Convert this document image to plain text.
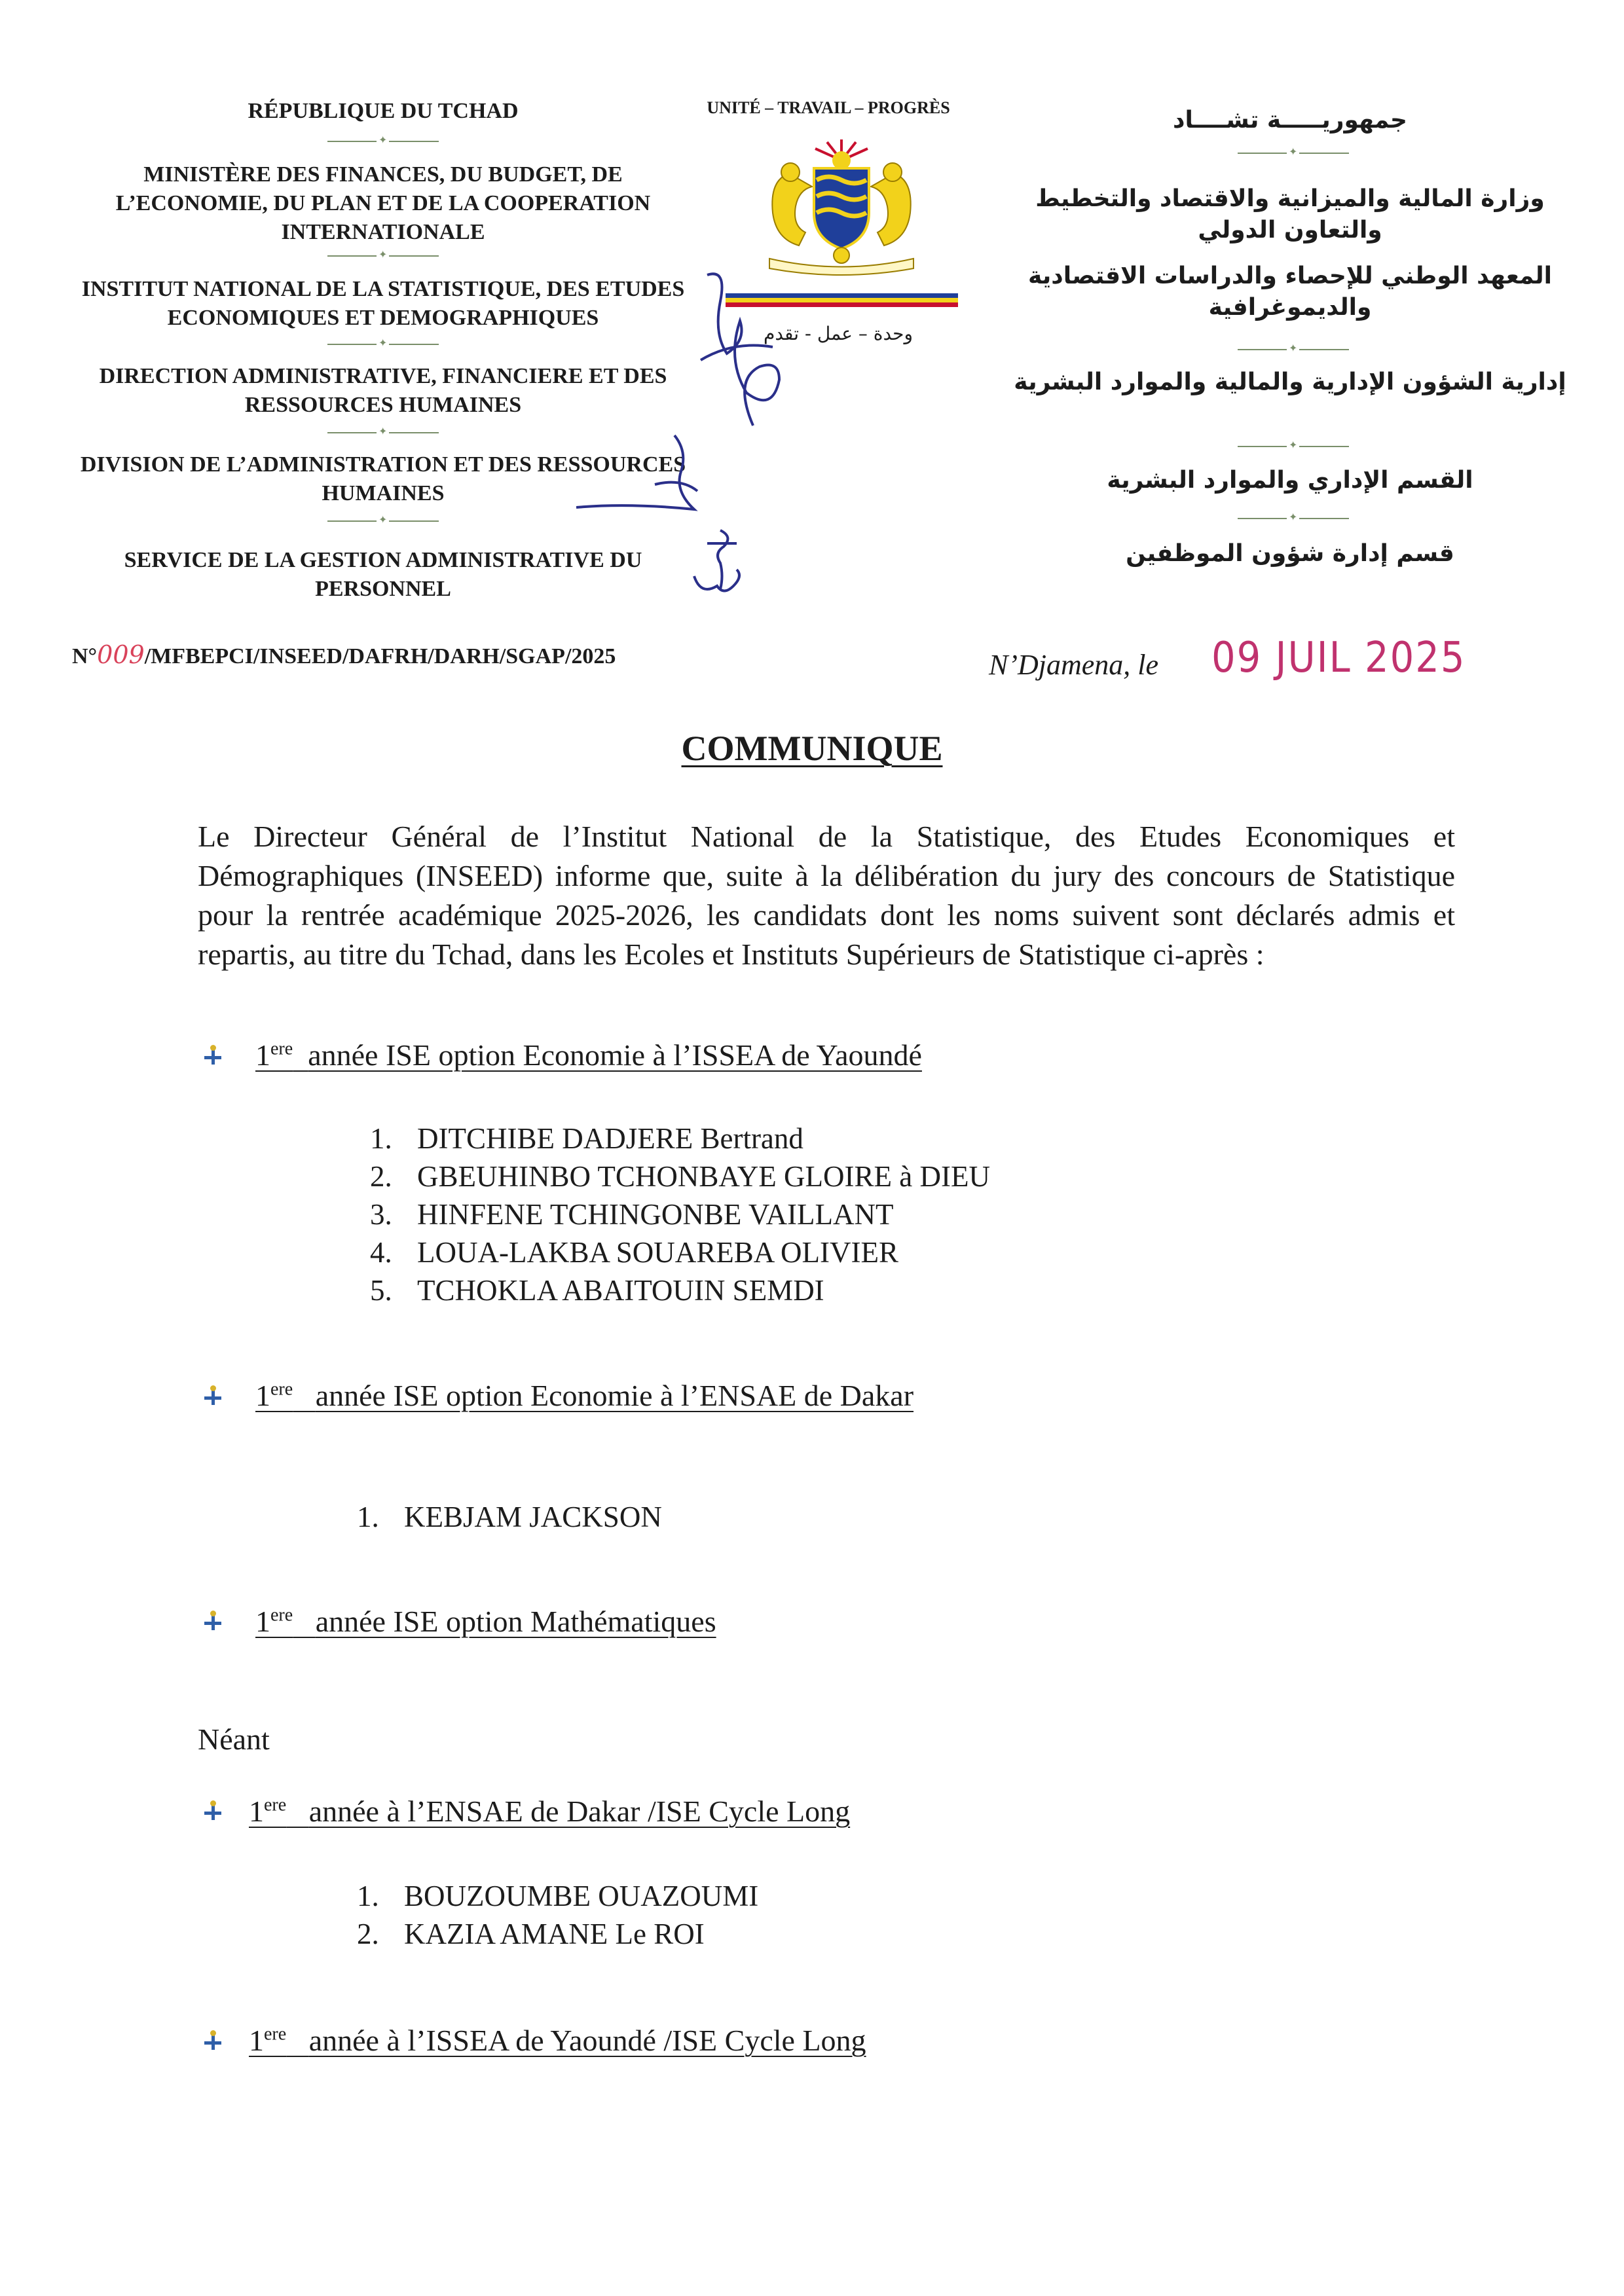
RÉPUBLIQUE DU TCHAD
✦
MINISTÈRE DES FINANCES, DU BUDGET, DE L’ECONOMIE, DU PLAN ET DE LA COOPERATION INTERNATIONALE
✦
INSTITUT NATIONAL DE LA STATISTIQUE, DES ETUDES ECONOMIQUES ET DEMOGRAPHIQUES
✦
DIRECTION ADMINISTRATIVE, FINANCIERE ET DES RESSOURCES HUMAINES
✦
DIVISION DE L’ADMINISTRATION ET DES RESSOURCES HUMAINES
✦
SERVICE DE LA GESTION ADMINISTRATIVE DU PERSONNEL
UNITÉ – TRAVAIL – PROGRÈS
وحدة – عمل - تقدم
جمهوريـــــة تشــــاد
✦
وزارة المالية والميزانية والاقتصاد والتخطيط والتعاون الدولي
المعهد الوطني للإحصاء والدراسات الاقتصادية والديموغرافية
✦
إدارية الشؤون الإدارية والمالية والموارد البشرية
✦
القسم الإداري والموارد البشرية
✦
قسم إدارة شؤون الموظفين
N°009/MFBEPCI/INSEED/DAFRH/DARH/SGAP/2025	N’Djamena, le 09 JUIL 2025
COMMUNIQUE
Le Directeur Général de l’Institut National de la Statistique, des Etudes Economiques et Démographiques (INSEED) informe que, suite à la délibération du jury des concours de Statistique pour la rentrée académique 2025-2026, les candidats dont les noms suivent sont déclarés admis et repartis, au titre du Tchad, dans les Ecoles et Instituts Supérieurs de Statistique ci-après :
1ere année ISE option Economie à l’ISSEA de Yaoundé
1. DITCHIBE DADJERE Bertrand
2. GBEUHINBO TCHONBAYE GLOIRE à DIEU
3. HINFENE TCHINGONBE VAILLANT
4. LOUA-LAKBA SOUAREBA OLIVIER
5. TCHOKLA ABAITOUIN SEMDI
1ere année ISE option Economie à l’ENSAE de Dakar
1. KEBJAM JACKSON
1ere année ISE option Mathématiques
Néant
1ere année à l’ENSAE de Dakar /ISE Cycle Long
1. BOUZOUMBE OUAZOUMI
2. KAZIA AMANE Le ROI
1ere année à l’ISSEA de Yaoundé /ISE Cycle Long
